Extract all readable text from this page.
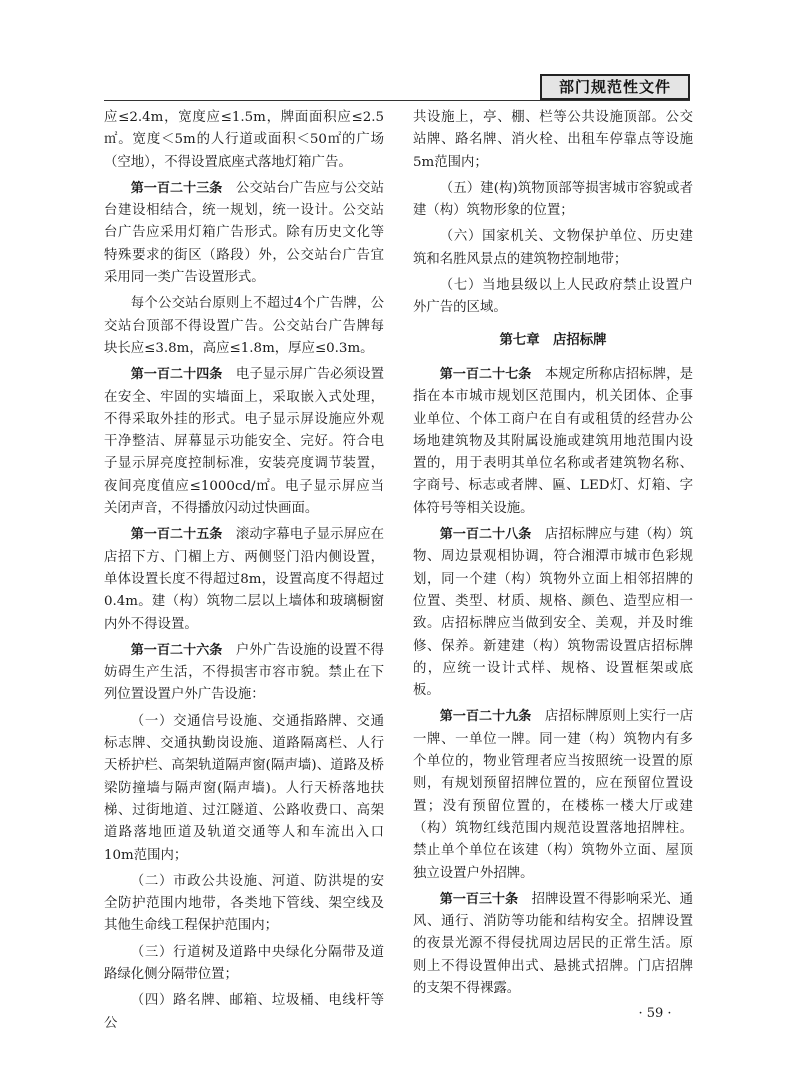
部门规范性文件

应≤2.4m，宽度应≤1.5m，牌面面积应≤2.5㎡。宽度＜5m的人行道或面积＜50㎡的广场（空地），不得设置底座式落地灯箱广告。

第一百二十三条　公交站台广告应与公交站台建设相结合，统一规划，统一设计。公交站台广告应采用灯箱广告形式。除有历史文化等特殊要求的街区（路段）外，公交站台广告宜采用同一类广告设置形式。

每个公交站台原则上不超过4个广告牌，公交站台顶部不得设置广告。公交站台广告牌每块长应≤3.8m，高应≤1.8m，厚应≤0.3m。

第一百二十四条　电子显示屏广告必须设置在安全、牢固的实墙面上，采取嵌入式处理，不得采取外挂的形式。电子显示屏设施应外观干净整洁、屏幕显示功能安全、完好。符合电子显示屏亮度控制标准，安装亮度调节装置，夜间亮度值应≤1000cd/㎡。电子显示屏应当关闭声音，不得播放闪动过快画面。

第一百二十五条　滚动字幕电子显示屏应在店招下方、门楣上方、两侧竖门沿内侧设置，单体设置长度不得超过8m，设置高度不得超过0.4m。建（构）筑物二层以上墙体和玻璃橱窗内外不得设置。

第一百二十六条　户外广告设施的设置不得妨碍生产生活，不得损害市容市貌。禁止在下列位置设置户外广告设施：

（一）交通信号设施、交通指路牌、交通标志牌、交通执勤岗设施、道路隔离栏、人行天桥护栏、高架轨道隔声窗(隔声墙)、道路及桥梁防撞墙与隔声窗(隔声墙)。人行天桥落地扶梯、过街地道、过江隧道、公路收费口、高架道路落地匝道及轨道交通等人和车流出入口10m范围内；

（二）市政公共设施、河道、防洪堤的安全防护范围内地带，各类地下管线、架空线及其他生命线工程保护范围内；

（三）行道树及道路中央绿化分隔带及道路绿化侧分隔带位置；

（四）路名牌、邮箱、垃圾桶、电线杆等公

共设施上，亭、棚、栏等公共设施顶部。公交站牌、路名牌、消火栓、出租车停靠点等设施5m范围内；

（五）建(构)筑物顶部等损害城市容貌或者建（构）筑物形象的位置；

（六）国家机关、文物保护单位、历史建筑和名胜风景点的建筑物控制地带；

（七）当地县级以上人民政府禁止设置户外广告的区域。

第七章　店招标牌

第一百二十七条　本规定所称店招标牌，是指在本市城市规划区范围内，机关团体、企事业单位、个体工商户在自有或租赁的经营办公场地建筑物及其附属设施或建筑用地范围内设置的，用于表明其单位名称或者建筑物名称、字商号、标志或者牌、匾、LED灯、灯箱、字体符号等相关设施。

第一百二十八条　店招标牌应与建（构）筑物、周边景观相协调，符合湘潭市城市色彩规划，同一个建（构）筑物外立面上相邻招牌的位置、类型、材质、规格、颜色、造型应相一致。店招标牌应当做到安全、美观，并及时维修、保养。新建建（构）筑物需设置店招标牌的，应统一设计式样、规格、设置框架或底板。

第一百二十九条　店招标牌原则上实行一店一牌、一单位一牌。同一建（构）筑物内有多个单位的，物业管理者应当按照统一设置的原则，有规划预留招牌位置的，应在预留位置设置；没有预留位置的，在楼栋一楼大厅或建（构）筑物红线范围内规范设置落地招牌柱。禁止单个单位在该建（构）筑物外立面、屋顶独立设置户外招牌。

第一百三十条　招牌设置不得影响采光、通风、通行、消防等功能和结构安全。招牌设置的夜景光源不得侵扰周边居民的正常生活。原则上不得设置伸出式、悬挑式招牌。门店招牌的支架不得裸露。

· 59 ·
